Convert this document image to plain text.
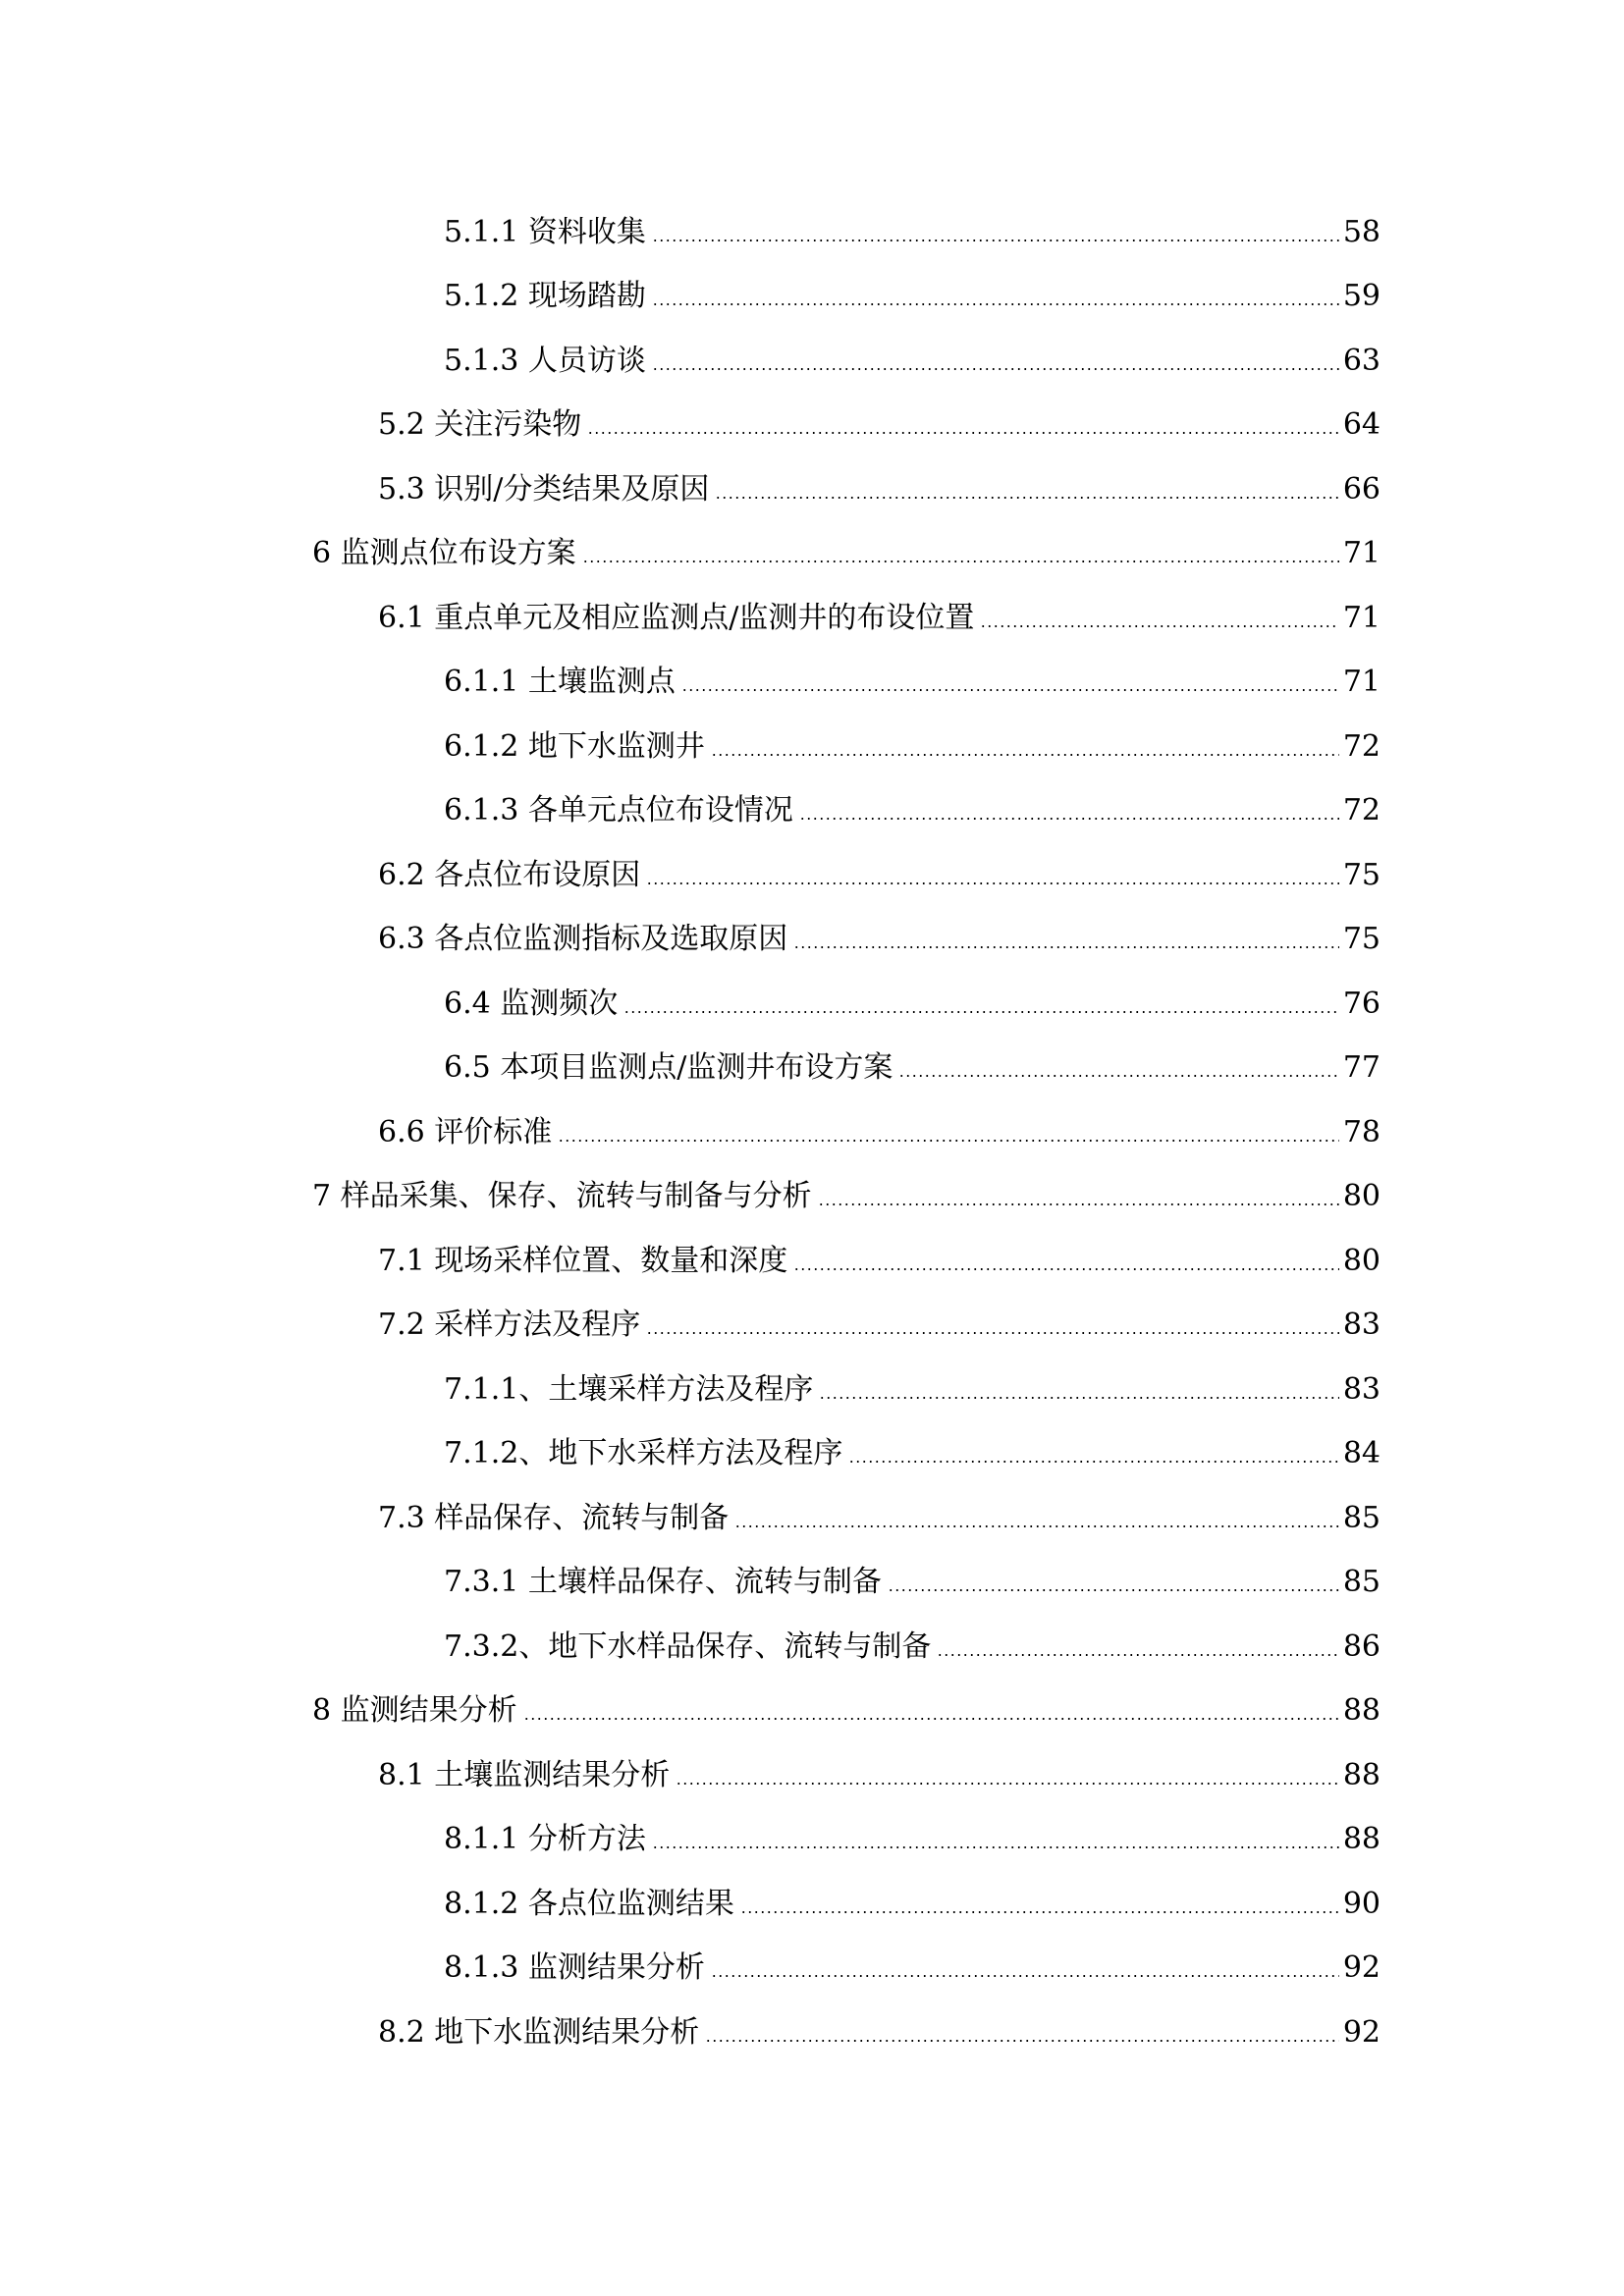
5.1.1 资料收集	58
5.1.2 现场踏勘	59
5.1.3 人员访谈	63
5.2 关注污染物	64
5.3 识别/分类结果及原因	66
6 监测点位布设方案	71
6.1 重点单元及相应监测点/监测井的布设位置	71
6.1.1 土壤监测点	71
6.1.2 地下水监测井	72
6.1.3 各单元点位布设情况	72
6.2 各点位布设原因	75
6.3 各点位监测指标及选取原因	75
6.4 监测频次	76
6.5 本项目监测点/监测井布设方案	77
6.6 评价标准	78
7 样品采集、保存、流转与制备与分析	80
7.1 现场采样位置、数量和深度	80
7.2 采样方法及程序	83
7.1.1、土壤采样方法及程序	83
7.1.2、地下水采样方法及程序	84
7.3 样品保存、流转与制备	85
7.3.1 土壤样品保存、流转与制备	85
7.3.2、地下水样品保存、流转与制备	86
8 监测结果分析	88
8.1 土壤监测结果分析	88
8.1.1 分析方法	88
8.1.2 各点位监测结果	90
8.1.3 监测结果分析	92
8.2 地下水监测结果分析	92
